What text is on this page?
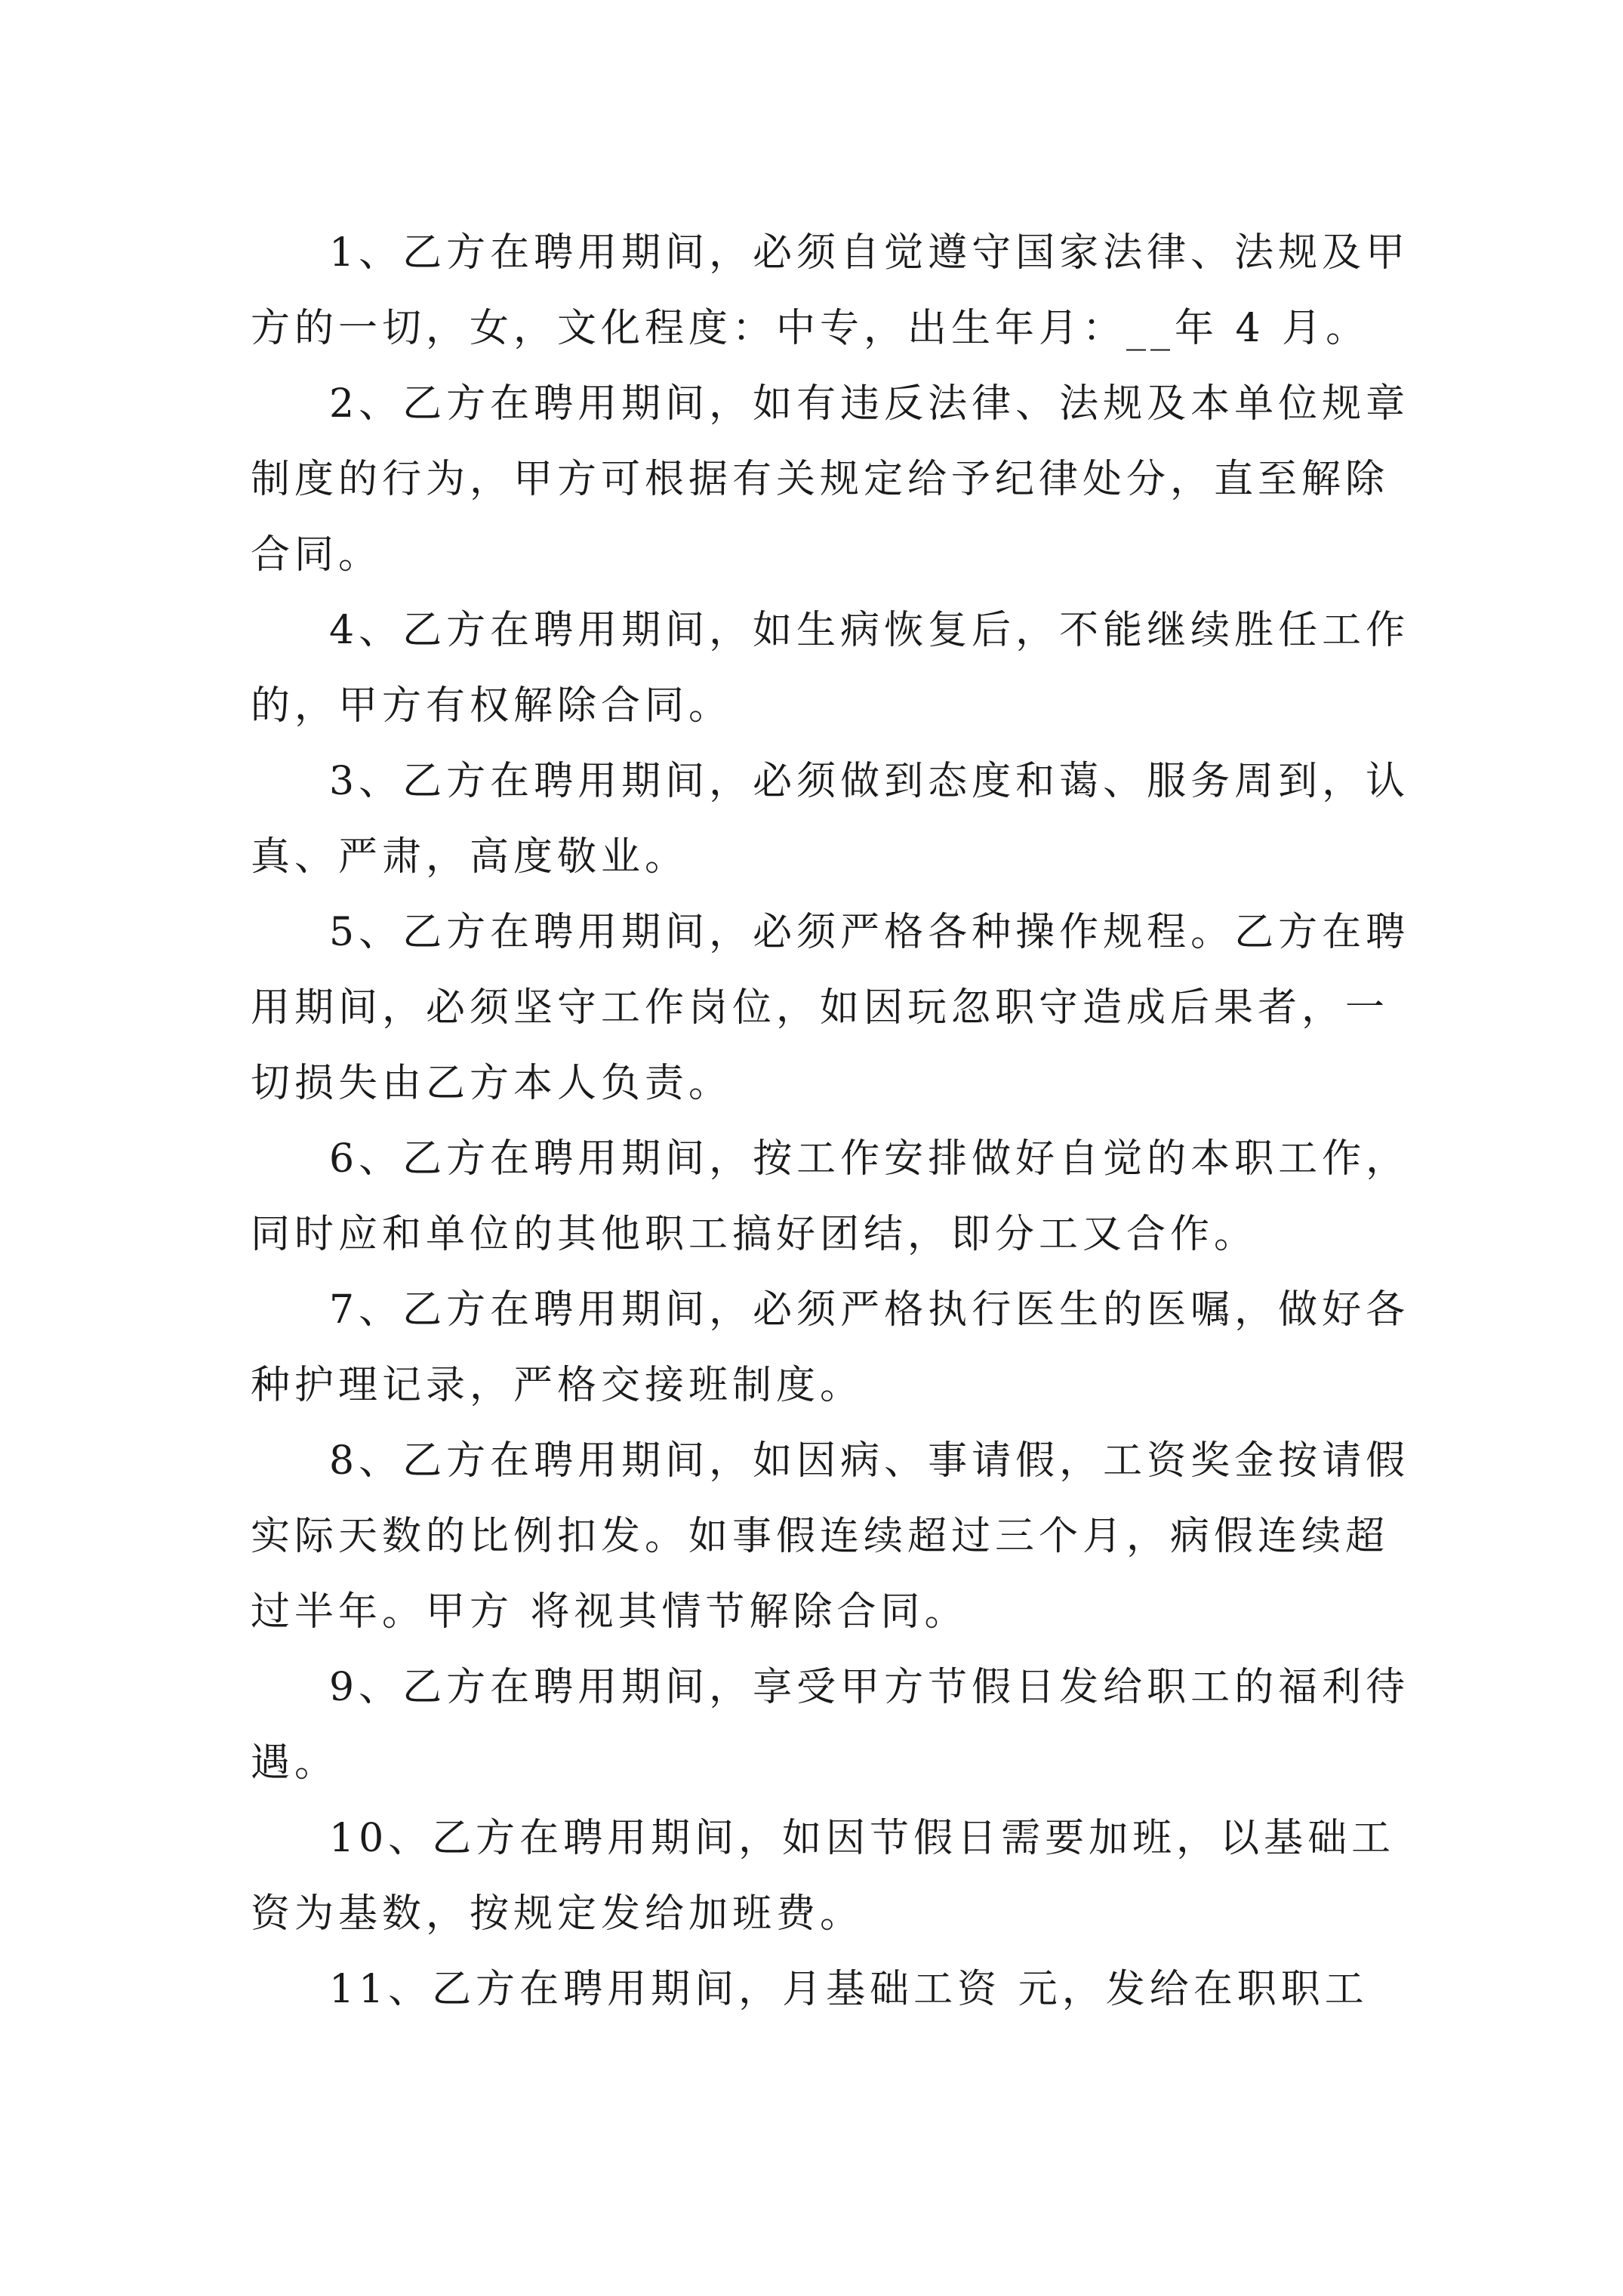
1、乙方在聘用期间，必须自觉遵守国家法律、法规及甲方的一切，女，文化程度：中专，出生年月：__年 4 月。

2、乙方在聘用期间，如有违反法律、法规及本单位规章制度的行为，甲方可根据有关规定给予纪律处分，直至解除合同。

4、乙方在聘用期间，如生病恢复后，不能继续胜任工作的，甲方有权解除合同。

3、乙方在聘用期间，必须做到态度和蔼、服务周到，认真、严肃，高度敬业。

5、乙方在聘用期间，必须严格各种操作规程。乙方在聘用期间，必须坚守工作岗位，如因玩忽职守造成后果者，一切损失由乙方本人负责。

6、乙方在聘用期间，按工作安排做好自觉的本职工作，同时应和单位的其他职工搞好团结，即分工又合作。

7、乙方在聘用期间，必须严格执行医生的医嘱，做好各种护理记录，严格交接班制度。

8、乙方在聘用期间，如因病、事请假，工资奖金按请假实际天数的比例扣发。如事假连续超过三个月，病假连续超过半年。甲方 将视其情节解除合同。

9、乙方在聘用期间，享受甲方节假日发给职工的福利待遇。

10、乙方在聘用期间，如因节假日需要加班，以基础工资为基数，按规定发给加班费。

11、乙方在聘用期间，月基础工资 元，发给在职职工
